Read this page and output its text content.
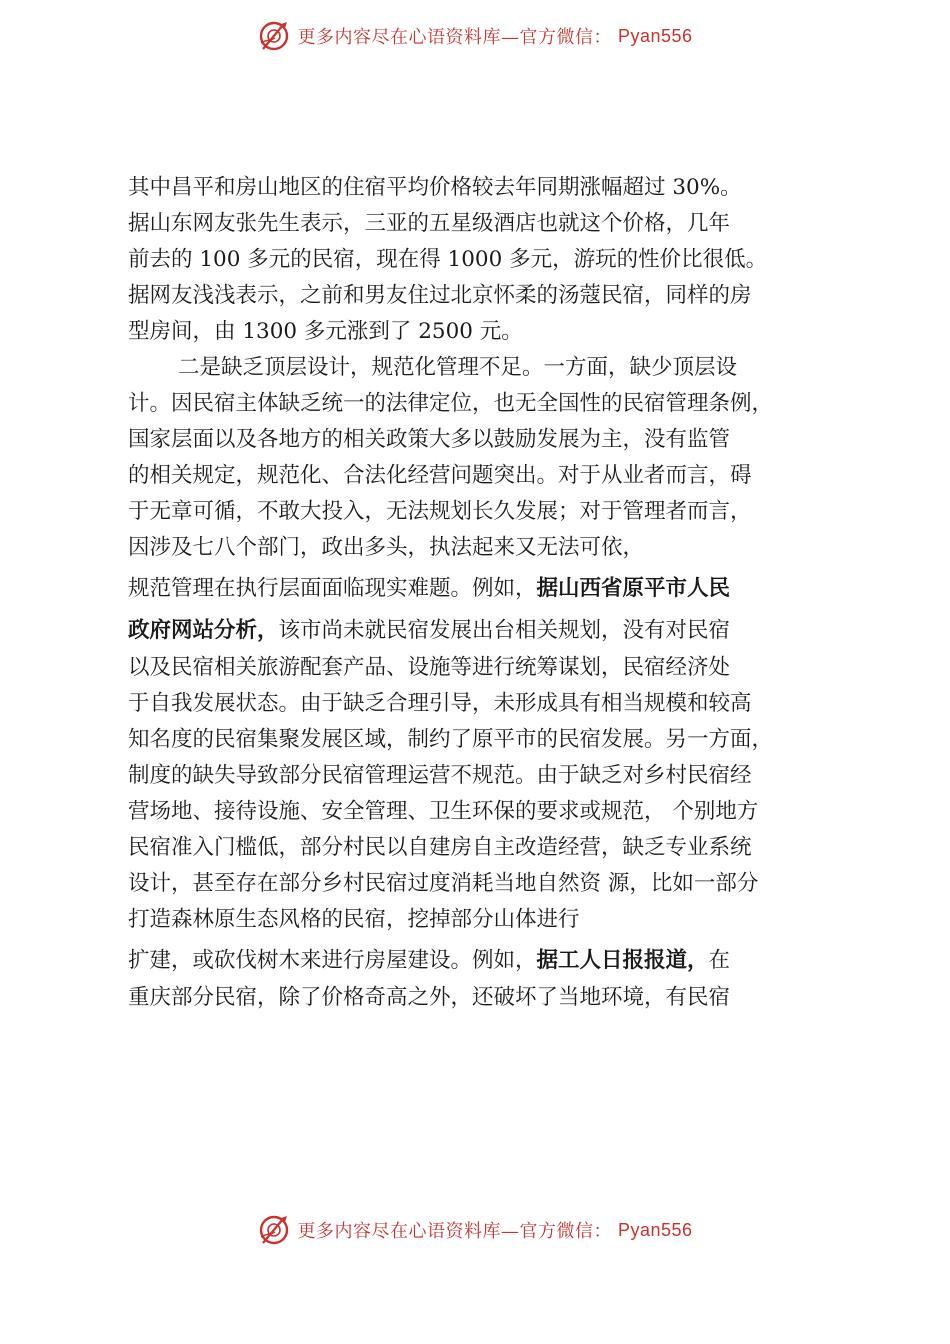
更多内容尽在心语资料库—官方微信： Pyan556
其中昌平和房山地区的住宿平均价格较去年同期涨幅超过 30%。
据山东网友张先生表示，三亚的五星级酒店也就这个价格，几年
前去的 100 多元的民宿，现在得 1000 多元，游玩的性价比很低。
据网友浅浅表示，之前和男友住过北京怀柔的汤蔻民宿，同样的房
型房间，由 1300 多元涨到了 2500 元。
二是缺乏顶层设计，规范化管理不足。一方面，缺少顶层设
计。因民宿主体缺乏统一的法律定位，也无全国性的民宿管理条例，
国家层面以及各地方的相关政策大多以鼓励发展为主，没有监管
的相关规定，规范化、合法化经营问题突出。对于从业者而言，碍
于无章可循，不敢大投入，无法规划长久发展；对于管理者而言，
因涉及七八个部门，政出多头，执法起来又无法可依，
规范管理在执行层面面临现实难题。例如，据山西省原平市人民
政府网站分析，该市尚未就民宿发展出台相关规划，没有对民宿
以及民宿相关旅游配套产品、设施等进行统筹谋划，民宿经济处
于自我发展状态。由于缺乏合理引导，未形成具有相当规模和较高
知名度的民宿集聚发展区域，制约了原平市的民宿发展。另一方面，
制度的缺失导致部分民宿管理运营不规范。由于缺乏对乡村民宿经
营场地、接待设施、安全管理、卫生环保的要求或规范， 个别地方
民宿准入门槛低，部分村民以自建房自主改造经营，缺乏专业系统
设计，甚至存在部分乡村民宿过度消耗当地自然资 源，比如一部分
打造森林原生态风格的民宿，挖掉部分山体进行
扩建，或砍伐树木来进行房屋建设。例如，据工人日报报道，在
重庆部分民宿，除了价格奇高之外，还破坏了当地环境，有民宿
更多内容尽在心语资料库—官方微信： Pyan556
